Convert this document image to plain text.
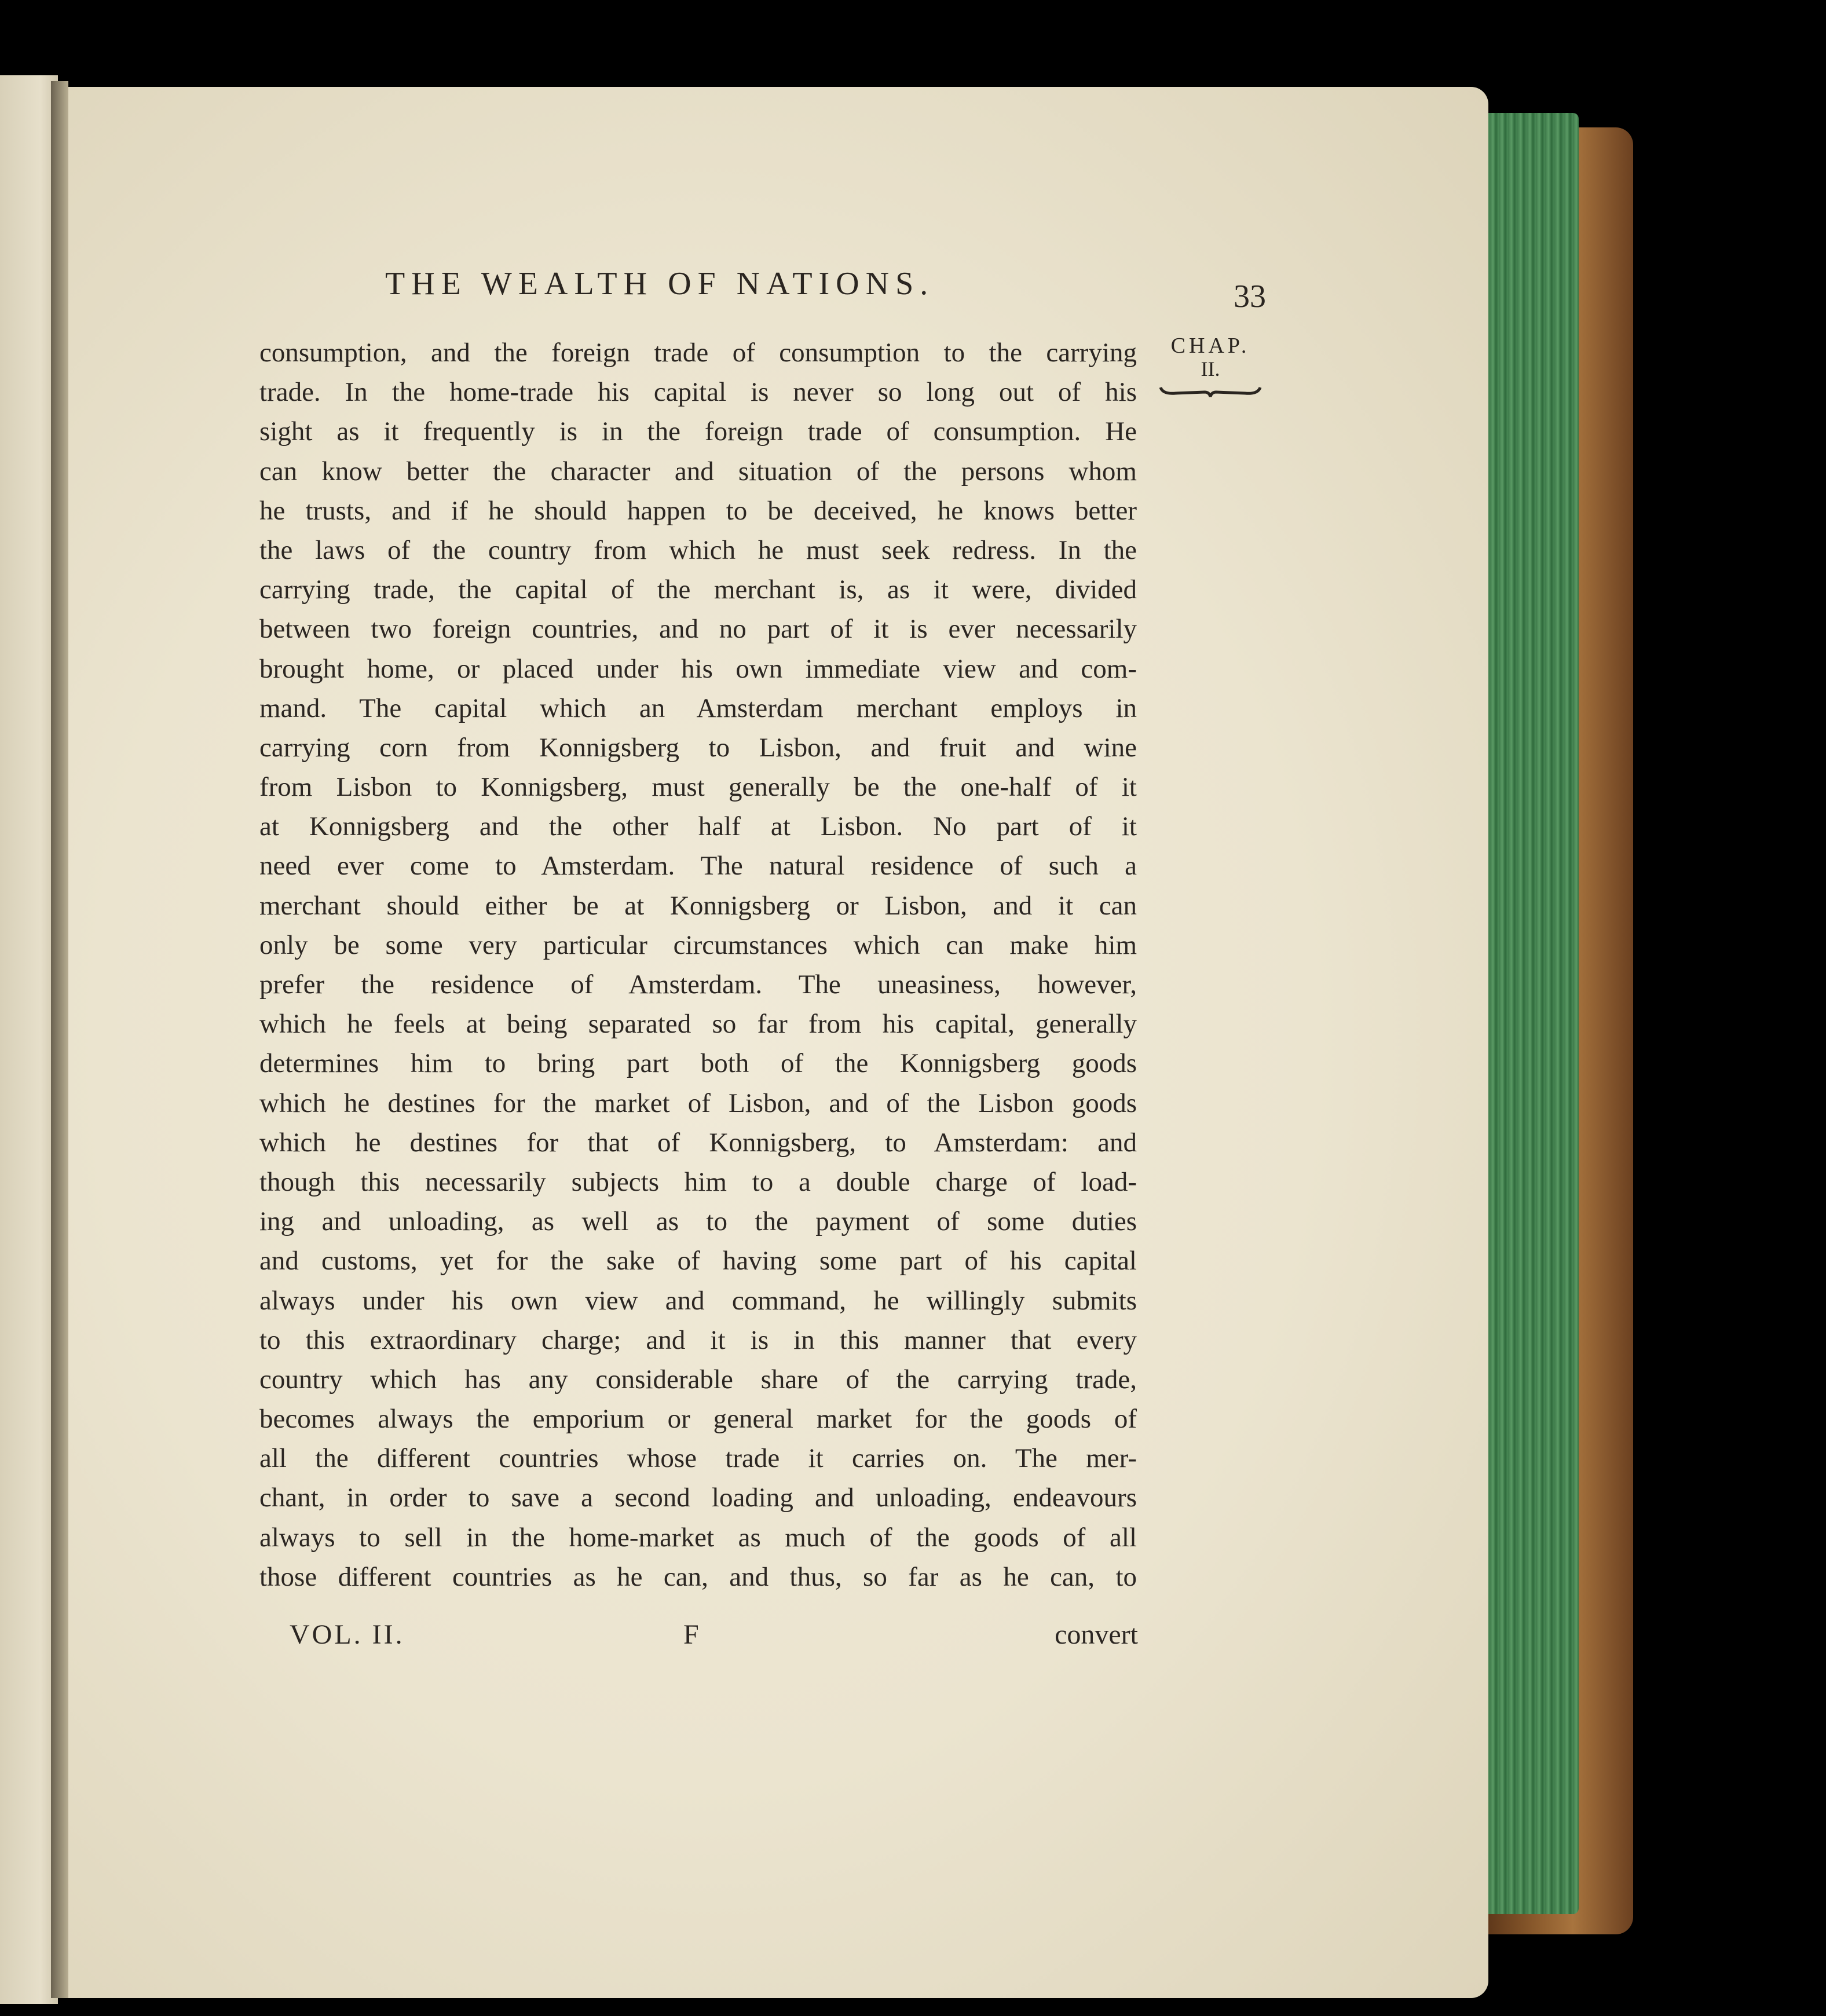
THE WEALTH OF NATIONS.	33
CHAP.
II.
consumption, and the foreign trade of consumption to the carrying
trade. In the home-trade his capital is never so long out of his
sight as it frequently is in the foreign trade of consumption. He
can know better the character and situation of the persons whom
he trusts, and if he should happen to be deceived, he knows better
the laws of the country from which he must seek redress. In the
carrying trade, the capital of the merchant is, as it were, divided
between two foreign countries, and no part of it is ever necessarily
brought home, or placed under his own immediate view and com-
mand. The capital which an Amsterdam merchant employs in
carrying corn from Konnigsberg to Lisbon, and fruit and wine
from Lisbon to Konnigsberg, must generally be the one-half of it
at Konnigsberg and the other half at Lisbon. No part of it
need ever come to Amsterdam. The natural residence of such a
merchant should either be at Konnigsberg or Lisbon, and it can
only be some very particular circumstances which can make him
prefer the residence of Amsterdam. The uneasiness, however,
which he feels at being separated so far from his capital, generally
determines him to bring part both of the Konnigsberg goods
which he destines for the market of Lisbon, and of the Lisbon goods
which he destines for that of Konnigsberg, to Amsterdam: and
though this necessarily subjects him to a double charge of load-
ing and unloading, as well as to the payment of some duties
and customs, yet for the sake of having some part of his capital
always under his own view and command, he willingly submits
to this extraordinary charge; and it is in this manner that every
country which has any considerable share of the carrying trade,
becomes always the emporium or general market for the goods of
all the different countries whose trade it carries on. The mer-
chant, in order to save a second loading and unloading, endeavours
always to sell in the home-market as much of the goods of all
those different countries as he can, and thus, so far as he can, to
VOL. II.	F	convert
